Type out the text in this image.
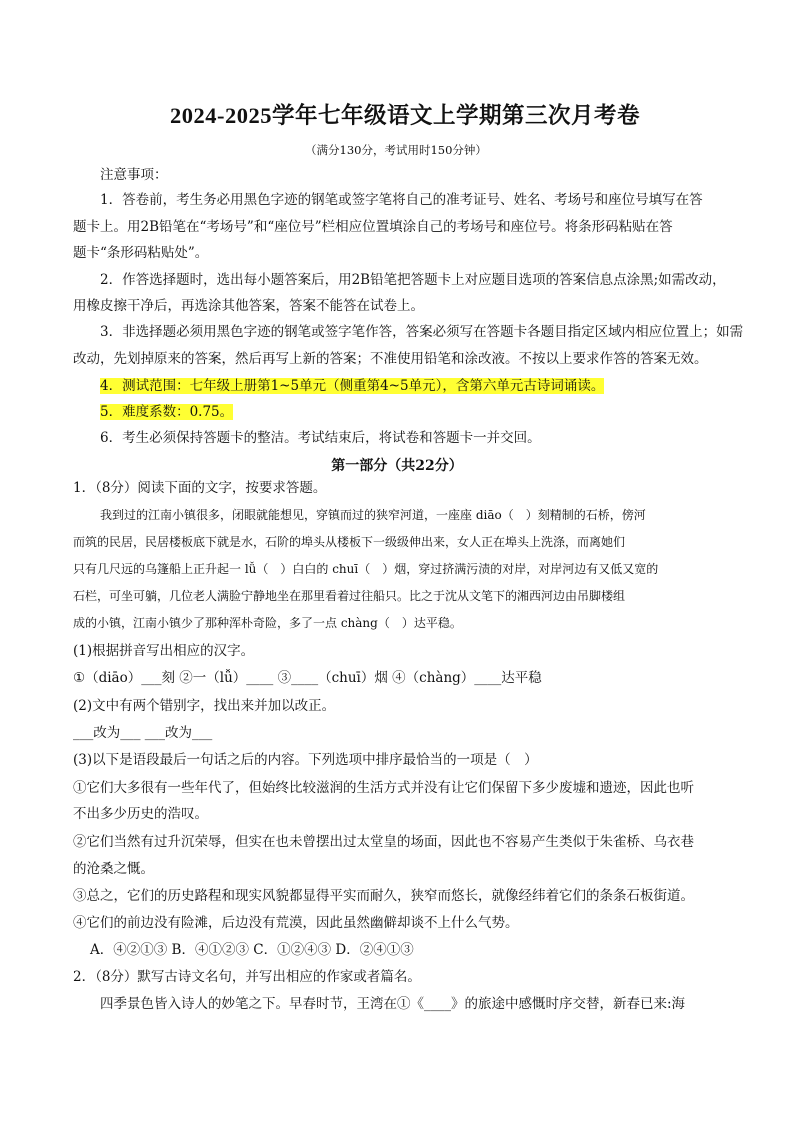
2024-2025学年七年级语文上学期第三次月考卷
（满分130分，考试用时150分钟）
注意事项：
1．答卷前，考生务必用黑色字迹的钢笔或签字笔将自己的准考证号、姓名、考场号和座位号填写在答
题卡上。用2B铅笔在“考场号”和“座位号”栏相应位置填涂自己的考场号和座位号。将条形码粘贴在答
题卡“条形码粘贴处”。
2．作答选择题时，选出每小题答案后，用2B铅笔把答题卡上对应题目选项的答案信息点涂黑;如需改动，
用橡皮擦干净后，再选涂其他答案，答案不能答在试卷上。
3．非选择题必须用黑色字迹的钢笔或签字笔作答，答案必须写在答题卡各题目指定区域内相应位置上；如需
改动，先划掉原来的答案，然后再写上新的答案；不准使用铅笔和涂改液。不按以上要求作答的答案无效。
4．测试范围：七年级上册第1~5单元（侧重第4~5单元），含第六单元古诗词诵读。
5．难度系数：0.75。
6．考生必须保持答题卡的整洁。考试结束后，将试卷和答题卡一并交回。
第一部分（共22分）
1．（8分）阅读下面的文字，按要求答题。
我到过的江南小镇很多，闭眼就能想见，穿镇而过的狭窄河道，一座座 diāo（　）刻精制的石桥，傍河
而筑的民居，民居楼板底下就是水，石阶的埠头从楼板下一级级伸出来，女人正在埠头上洗涤，而离她们
只有几尺远的乌篷船上正升起一 lǚ（　）白白的 chuī（　）烟，穿过挤满污渍的对岸，对岸河边有又低又宽的
石栏，可坐可躺，几位老人满脸宁静地坐在那里看着过往船只。比之于沈从文笔下的湘西河边由吊脚楼组
成的小镇，江南小镇少了那种浑朴奇险，多了一点 chàng（　）达平稳。
(1)根据拼音写出相应的汉字。
①（diāo）___刻 ②一（lǚ）____ ③____（chuī）烟 ④（chàng）____达平稳
(2)文中有两个错别字，找出来并加以改正。
___改为___ ___改为___
(3)以下是语段最后一句话之后的内容。下列选项中排序最恰当的一项是（　）
①它们大多很有一些年代了，但始终比较滋润的生活方式并没有让它们保留下多少废墟和遗迹，因此也听
不出多少历史的浩叹。
②它们当然有过升沉荣辱，但实在也未曾摆出过太堂皇的场面，因此也不容易产生类似于朱雀桥、乌衣巷
的沧桑之慨。
③总之，它们的历史路程和现实风貌都显得平实而耐久，狭窄而悠长，就像经纬着它们的条条石板街道。
④它们的前边没有险滩，后边没有荒漠，因此虽然幽僻却谈不上什么气势。
A．④②①③ B．④①②③ C．①②④③ D．②④①③
2．（8分）默写古诗文名句，并写出相应的作家或者篇名。
四季景色皆入诗人的妙笔之下。早春时节，王湾在①《____》的旅途中感慨时序交替，新春已来:海
